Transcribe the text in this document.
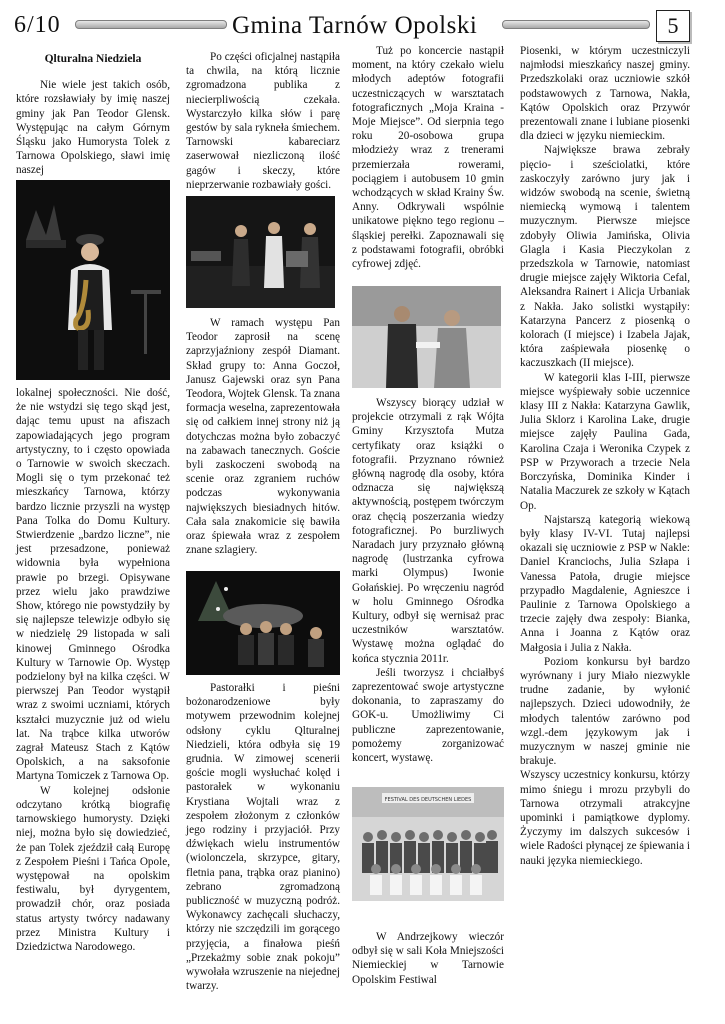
6/10	Gmina Tarnów Opolski	5

Qlturalna Niedziela

Nie wiele jest takich osób, które rozsławiały by imię naszej gminy jak Pan Teodor Glensk. Występując na całym Górnym Śląsku jako Humorysta Tolek z Tarnowa Opolskiego, sławi imię naszej

lokalnej społeczności. Nie dość, że nie wstydzi się tego skąd jest, dając temu upust na afiszach zapowiadających jego program artystyczny, to i często opowiada o Tarnowie w swoich skeczach. Mogli się o tym przekonać też mieszkańcy Tarnowa, którzy bardzo licznie przyszli na występ Pana Tolka do Domu Kultury. Stwierdzenie „bardzo liczne”, nie jest przesadzone, ponieważ widownia była wypełniona prawie po brzegi. Opisywane przez wielu jako prawdziwe Show, którego nie powstydziły by się najlepsze telewizje odbyło się w niedzielę 29 listopada w sali kinowej Gminnego Ośrodka Kultury w Tarnowie Op. Występ podzielony był na kilka części. W pierwszej Pan Teodor wystąpił wraz z swoimi uczniami, których kształci muzycznie już od wielu lat. Na trąbce kilka utworów zagrał Mateusz Stach z Kątów Opolskich, a na saksofonie Martyna Tomiczek z Tarnowa Op.

W kolejnej odsłonie odczytano krótką biografię tarnowskiego humorysty. Dzięki niej, można było się dowiedzieć, że pan Tolek zjeździł całą Europę z Zespołem Pieśni i Tańca Opole, występował na opolskim festiwalu, był dyrygentem, prowadził chór, oraz posiada status artysty twórcy nadawany przez Ministra Kultury i Dziedzictwa Narodowego.

Po części oficjalnej nastąpiła ta chwila, na którą licznie zgromadzona publika z niecierpliwością czekała. Wystarczyło kilka słów i parę gestów by sala rykneła śmiechem. Tarnowski kabareciarz zaserwował niezliczoną ilość gagów i skeczy, które nieprzerwanie rozbawiały gości.

W ramach występu Pan Teodor zaprosił na scenę zaprzyjaźniony zespół Diamant. Skład grupy to: Anna Goczoł, Janusz Gajewski oraz syn Pana Teodora, Wojtek Glensk. Ta znana formacja weselna, zaprezentowała się od całkiem innej strony niż ją dotychczas można było zobaczyć na zabawach tanecznych. Goście byli zaskoczeni swobodą na scenie oraz zgraniem ruchów podczas wykonywania największych biesiadnych hitów. Cała sala znakomicie się bawiła oraz śpiewała wraz z zespołem znane szlagiery.

Pastorałki i pieśni bożonarodzeniowe były motywem przewodnim kolejnej odsłony cyklu Qlturalnej Niedzieli, która odbyła się 19 grudnia. W zimowej scenerii goście mogli wysłuchać kolęd i pastorałek w wykonaniu Krystiana Wojtali wraz z zespołem złożonym z członków jego rodziny i przyjaciół. Przy dźwiękach wielu instrumentów (wiolonczela, skrzypce, gitary, fletnia pana, trąbka oraz pianino) zebrano zgromadzoną publiczność w muzyczną podróż. Wykonawcy zachęcali słuchaczy, którzy nie szczędzili im gorącego przyjęcia, a finałowa pieśń „Przekażmy sobie znak pokoju” wywołała wzruszenie na niejednej twarzy.

Tuż po koncercie nastąpił moment, na który czekało wielu młodych adeptów fotografii uczestniczących w warsztatach fotograficznych „Moja Kraina - Moje Miejsce”. Od sierpnia tego roku 20-osobowa grupa młodzieży wraz z trenerami przemierzała rowerami, pociągiem i autobusem 10 gmin wchodzących w skład Krainy Św. Anny. Odkrywali wspólnie unikatowe piękno tego regionu – śląskiej perełki. Zapoznawali się z podstawami fotografii, obróbki cyfrowej zdjęć.

Wszyscy biorący udział w projekcie otrzymali z rąk Wójta Gminy Krzysztofa Mutza certyfikaty oraz książki o fotografii. Przyznano również główną nagrodę dla osoby, która odznacza się największą aktywnością, postępem twórczym oraz chęcią poszerzania wiedzy fotograficznej. Po burzliwych Naradach jury przyznało główną nagrodę (lustrzanka cyfrowa marki Olympus) Iwonie Gołańskiej. Po wręczeniu nagród w holu Gminnego Ośrodka Kultury, odbył się wernisaż prac uczestników warsztatów. Wystawę można oglądać do końca stycznia 2011r.

Jeśli tworzysz i chciałbyś zaprezentować swoje artystyczne dokonania, to zapraszamy do GOK-u. Umożliwimy Ci publiczne zaprezentowanie, pomożemy zorganizować koncert, wystawę.

FESTIVAL DES DEUTSCHEN LIEDES

W Andrzejkowy wieczór odbył się w sali Koła Mniejszości Niemieckiej w Tarnowie Opolskim Festiwal

Piosenki, w którym uczestniczyli najmłodsi mieszkańcy naszej gminy. Przedszkolaki oraz uczniowie szkół podstawowych z Tarnowa, Nakła, Kątów Opolskich oraz Przywór prezentowali znane i lubiane piosenki dla dzieci w języku niemieckim.

Największe brawa zebrały pięcio- i sześciolatki, które zaskoczyły zarówno jury jak i widzów swobodą na scenie, świetną niemiecką wymową i talentem muzycznym. Pierwsze miejsce zdobyły Oliwia Jamińska, Olivia Glagla i Kasia Pieczykolan z przedszkola w Tarnowie, natomiast drugie miejsce zajęły Wiktoria Cefal, Aleksandra Rainert i Alicja Urbaniak z Nakła. Jako solistki wystąpiły: Katarzyna Pancerz z piosenką o kolorach (I miejsce) i Izabela Jajak, która zaśpiewała piosenkę o kaczuszkach (II miejsce).

W kategorii klas I-III, pierwsze miejsce wyśpiewały sobie uczennice klasy III z Nakła: Katarzyna Gawlik, Julia Sklorz i Karolina Lake, drugie miejsce zajęły Paulina Gada, Karolina Czaja i Weronika Czypek z PSP w Przyworach a trzecie Nela Borczyńska, Dominika Kinder i Natalia Maczurek ze szkoły w Kątach Op.

Najstarszą kategorią wiekową były klasy IV-VI. Tutaj najlepsi okazali się uczniowie z PSP w Nakle: Daniel Kranciochs, Julia Szłapa i Vanessa Patoła, drugie miejsce przypadło Magdalenie, Agnieszce i Paulinie z Tarnowa Opolskiego a trzecie zajęły dwa zespoły: Bianka, Anna i Joanna z Kątów oraz Małgosia i Julia z Nakła.

Poziom konkursu był bardzo wyrównany i jury Miało niezwykle trudne zadanie, by wyłonić najlepszych. Dzieci udowodniły, że młodych talentów zarówno pod wzgl.-dem językowym jak i muzycznym w naszej gminie nie brakuje.

Wszyscy uczestnicy konkursu, którzy mimo śniegu i mrozu przybyli do Tarnowa otrzymali atrakcyjne upominki i pamiątkowe dyplomy. Życzymy im dalszych sukcesów i wiele Radości płynącej ze śpiewania i nauki języka niemieckiego.
